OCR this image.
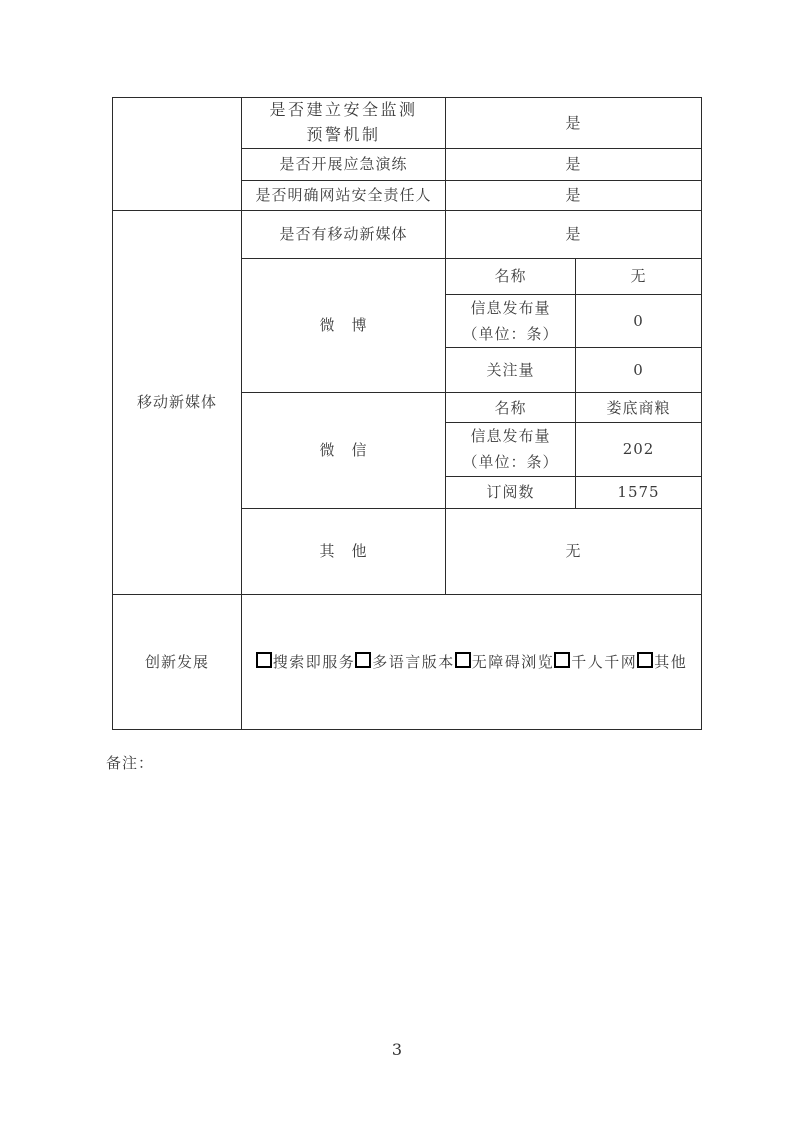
	是否建立安全监测预警机制	是	
	是否开展应急演练	是	
	是否明确网站安全责任人	是	
移动新媒体	是否有移动新媒体	是	
	微　博	名称	无
		信息发布量（单位：条）	0
		关注量	0
	微　信	名称	娄底商粮
		信息发布量（单位：条）	202
		订阅数	1575
	其　他	无	
创新发展	搜索即服务 多语言版本 无障碍浏览 千人千网 其他		
备注：
3
